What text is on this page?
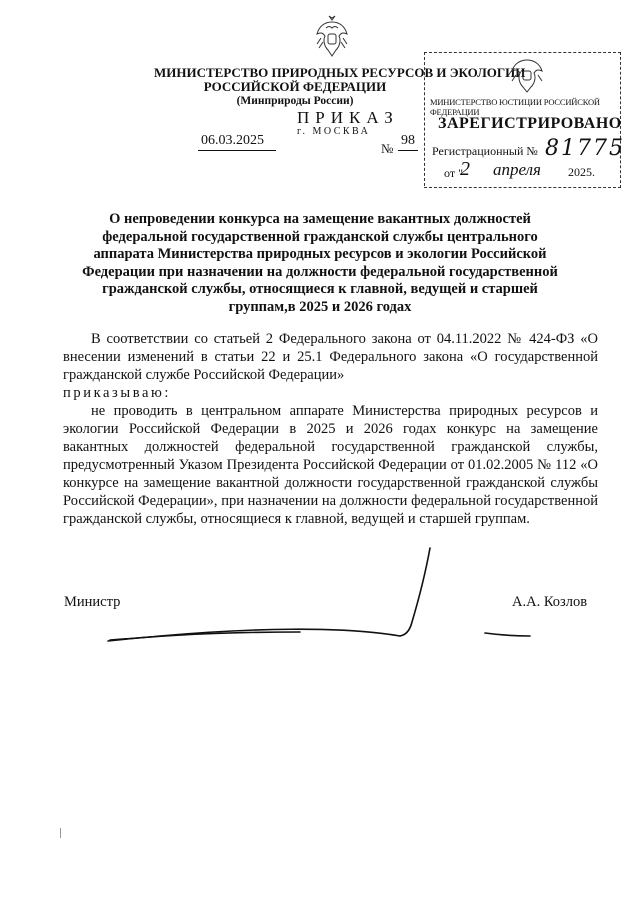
МИНИСТЕРСТВО ПРИРОДНЫХ РЕСУРСОВ И ЭКОЛОГИИ
РОССИЙСКОЙ ФЕДЕРАЦИИ
(Минприроды России)
ПРИКАЗ
г. МОСКВА
06.03.2025
№
98
МИНИСТЕРСТВО ЮСТИЦИИ РОССИЙСКОЙ ФЕДЕРАЦИИ
ЗАРЕГИСТРИРОВАНО
Регистрационный № 81775
от "
2 апреля 2025.
О непроведении конкурса на замещение вакантных должностей федеральной государственной гражданской службы центрального аппарата Министерства природных ресурсов и экологии Российской Федерации при назначении на должности федеральной государственной гражданской службы, относящиеся к главной, ведущей и старшей группам,в 2025 и 2026 годах

В соответствии со статьей 2 Федерального закона от 04.11.2022 № 424-ФЗ «О внесении изменений в статьи 22 и 25.1 Федерального закона «О государственной гражданской службе Российской Федерации»

приказываю:

не проводить в центральном аппарате Министерства природных ресурсов и экологии Российской Федерации в 2025 и 2026 годах конкурс на замещение вакантных должностей федеральной государственной гражданской службы, предусмотренный Указом Президента Российской Федерации от 01.02.2005 № 112 «О конкурсе на замещение вакантной должности государственной гражданской службы Российской Федерации», при назначении на должности федеральной государственной гражданской службы, относящиеся к главной, ведущей и старшей группам.

Министр	А.А. Козлов
